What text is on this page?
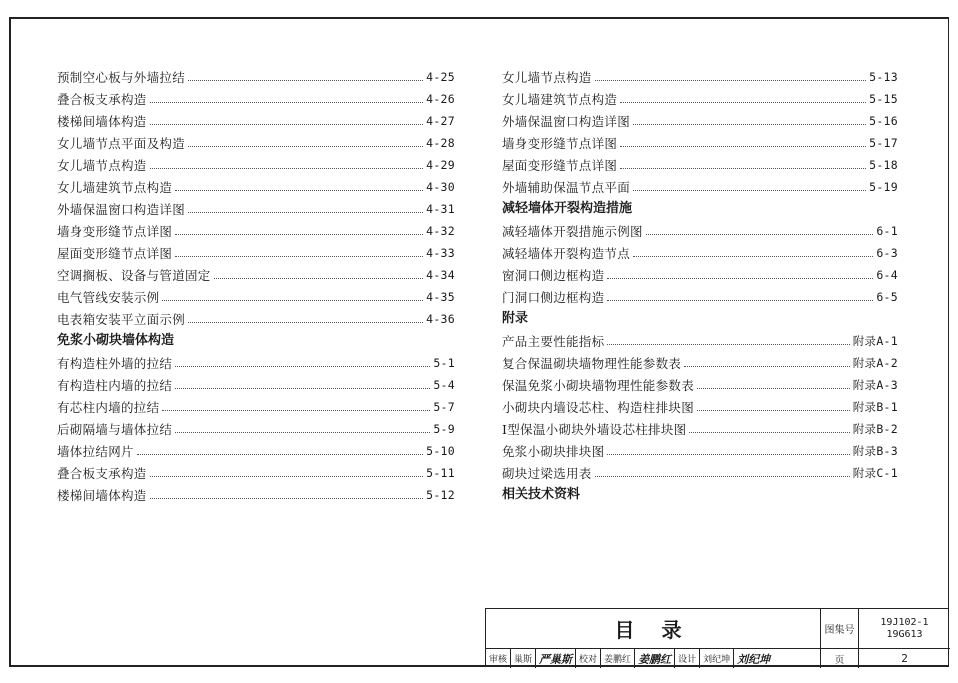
预制空心板与外墙拉结	4-25
叠合板支承构造	4-26
楼梯间墙体构造	4-27
女儿墙节点平面及构造	4-28
女儿墙节点构造	4-29
女儿墙建筑节点构造	4-30
外墙保温窗口构造详图	4-31
墙身变形缝节点详图	4-32
屋面变形缝节点详图	4-33
空调搁板、设备与管道固定	4-34
电气管线安装示例	4-35
电表箱安装平立面示例	4-36
免浆小砌块墙体构造
有构造柱外墙的拉结	5-1
有构造柱内墙的拉结	5-4
有芯柱内墙的拉结	5-7
后砌隔墙与墙体拉结	5-9
墙体拉结网片	5-10
叠合板支承构造	5-11
楼梯间墙体构造	5-12
女儿墙节点构造	5-13
女儿墙建筑节点构造	5-15
外墙保温窗口构造详图	5-16
墙身变形缝节点详图	5-17
屋面变形缝节点详图	5-18
外墙辅助保温节点平面	5-19
减轻墙体开裂构造措施
减轻墙体开裂措施示例图	6-1
减轻墙体开裂构造节点	6-3
窗洞口侧边框构造	6-4
门洞口侧边框构造	6-5
附录
产品主要性能指标	附录A-1
复合保温砌块墙物理性能参数表	附录A-2
保温免浆小砌块墙物理性能参数表	附录A-3
小砌块内墙设芯柱、构造柱排块图	附录B-1
I型保温小砌块外墙设芯柱排块图	附录B-2
免浆小砌块排块图	附录B-3
砌块过梁选用表	附录C-1
相关技术资料
目 录	图集号
19J102-1
19G613
审核 巢斯 严巢斯 校对 姜鹏红 姜鹏红 设计 刘纪坤 刘纪坤	页	2
